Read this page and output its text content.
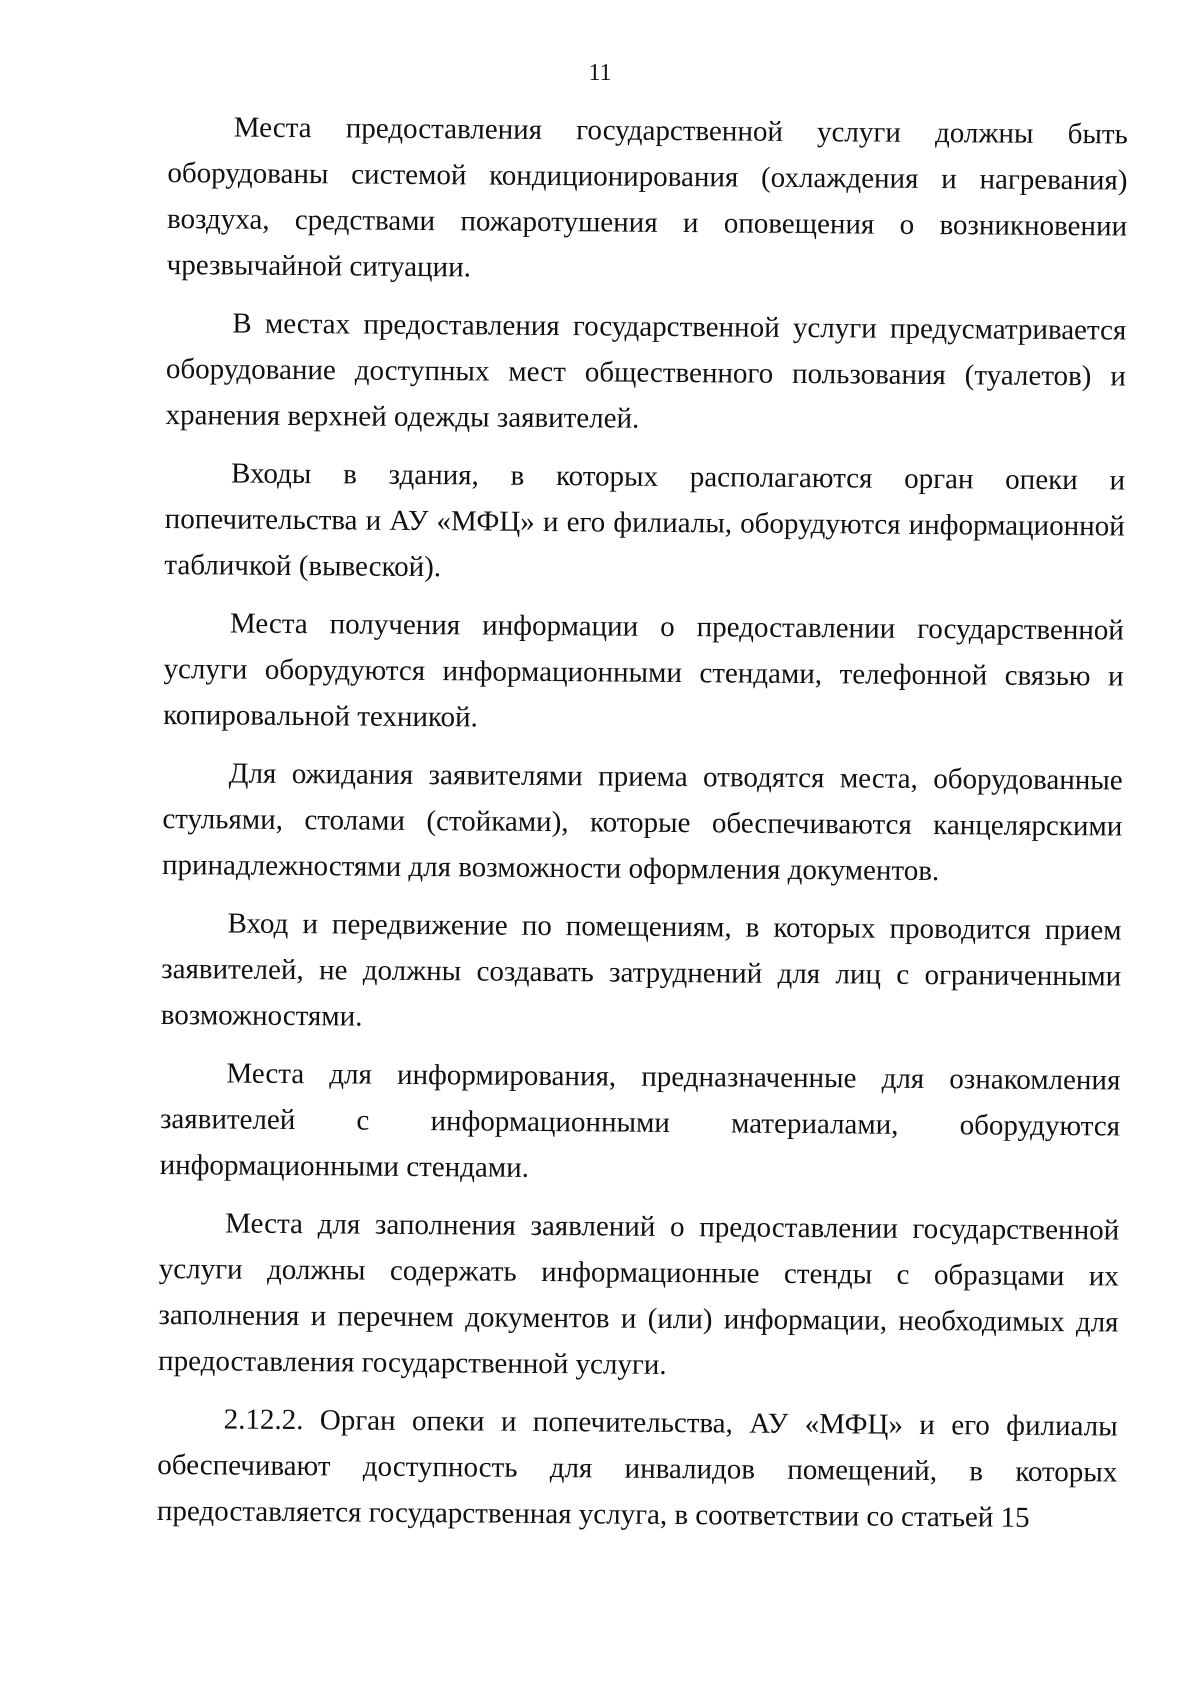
11

Места предоставления государственной услуги должны быть оборудованы системой кондиционирования (охлаждения и нагревания) воздуха, средствами пожаротушения и оповещения о возникновении чрезвычайной ситуации.

В местах предоставления государственной услуги предусматривается оборудование доступных мест общественного пользования (туалетов) и хранения верхней одежды заявителей.

Входы в здания, в которых располагаются орган опеки и попечительства и АУ «МФЦ» и его филиалы, оборудуются информационной табличкой (вывеской).

Места получения информации о предоставлении государственной услуги оборудуются информационными стендами, телефонной связью и копировальной техникой.

Для ожидания заявителями приема отводятся места, оборудованные стульями, столами (стойками), которые обеспечиваются канцелярскими принадлежностями для возможности оформления документов.

Вход и передвижение по помещениям, в которых проводится прием заявителей, не должны создавать затруднений для лиц с ограниченными возможностями.

Места для информирования, предназначенные для ознакомления заявителей с информационными материалами, оборудуются информационными стендами.

Места для заполнения заявлений о предоставлении государственной услуги должны содержать информационные стенды с образцами их заполнения и перечнем документов и (или) информации, необходимых для предоставления государственной услуги.

2.12.2. Орган опеки и попечительства, АУ «МФЦ» и его филиалы обеспечивают доступность для инвалидов помещений, в которых предоставляется государственная услуга, в соответствии со статьей 15
